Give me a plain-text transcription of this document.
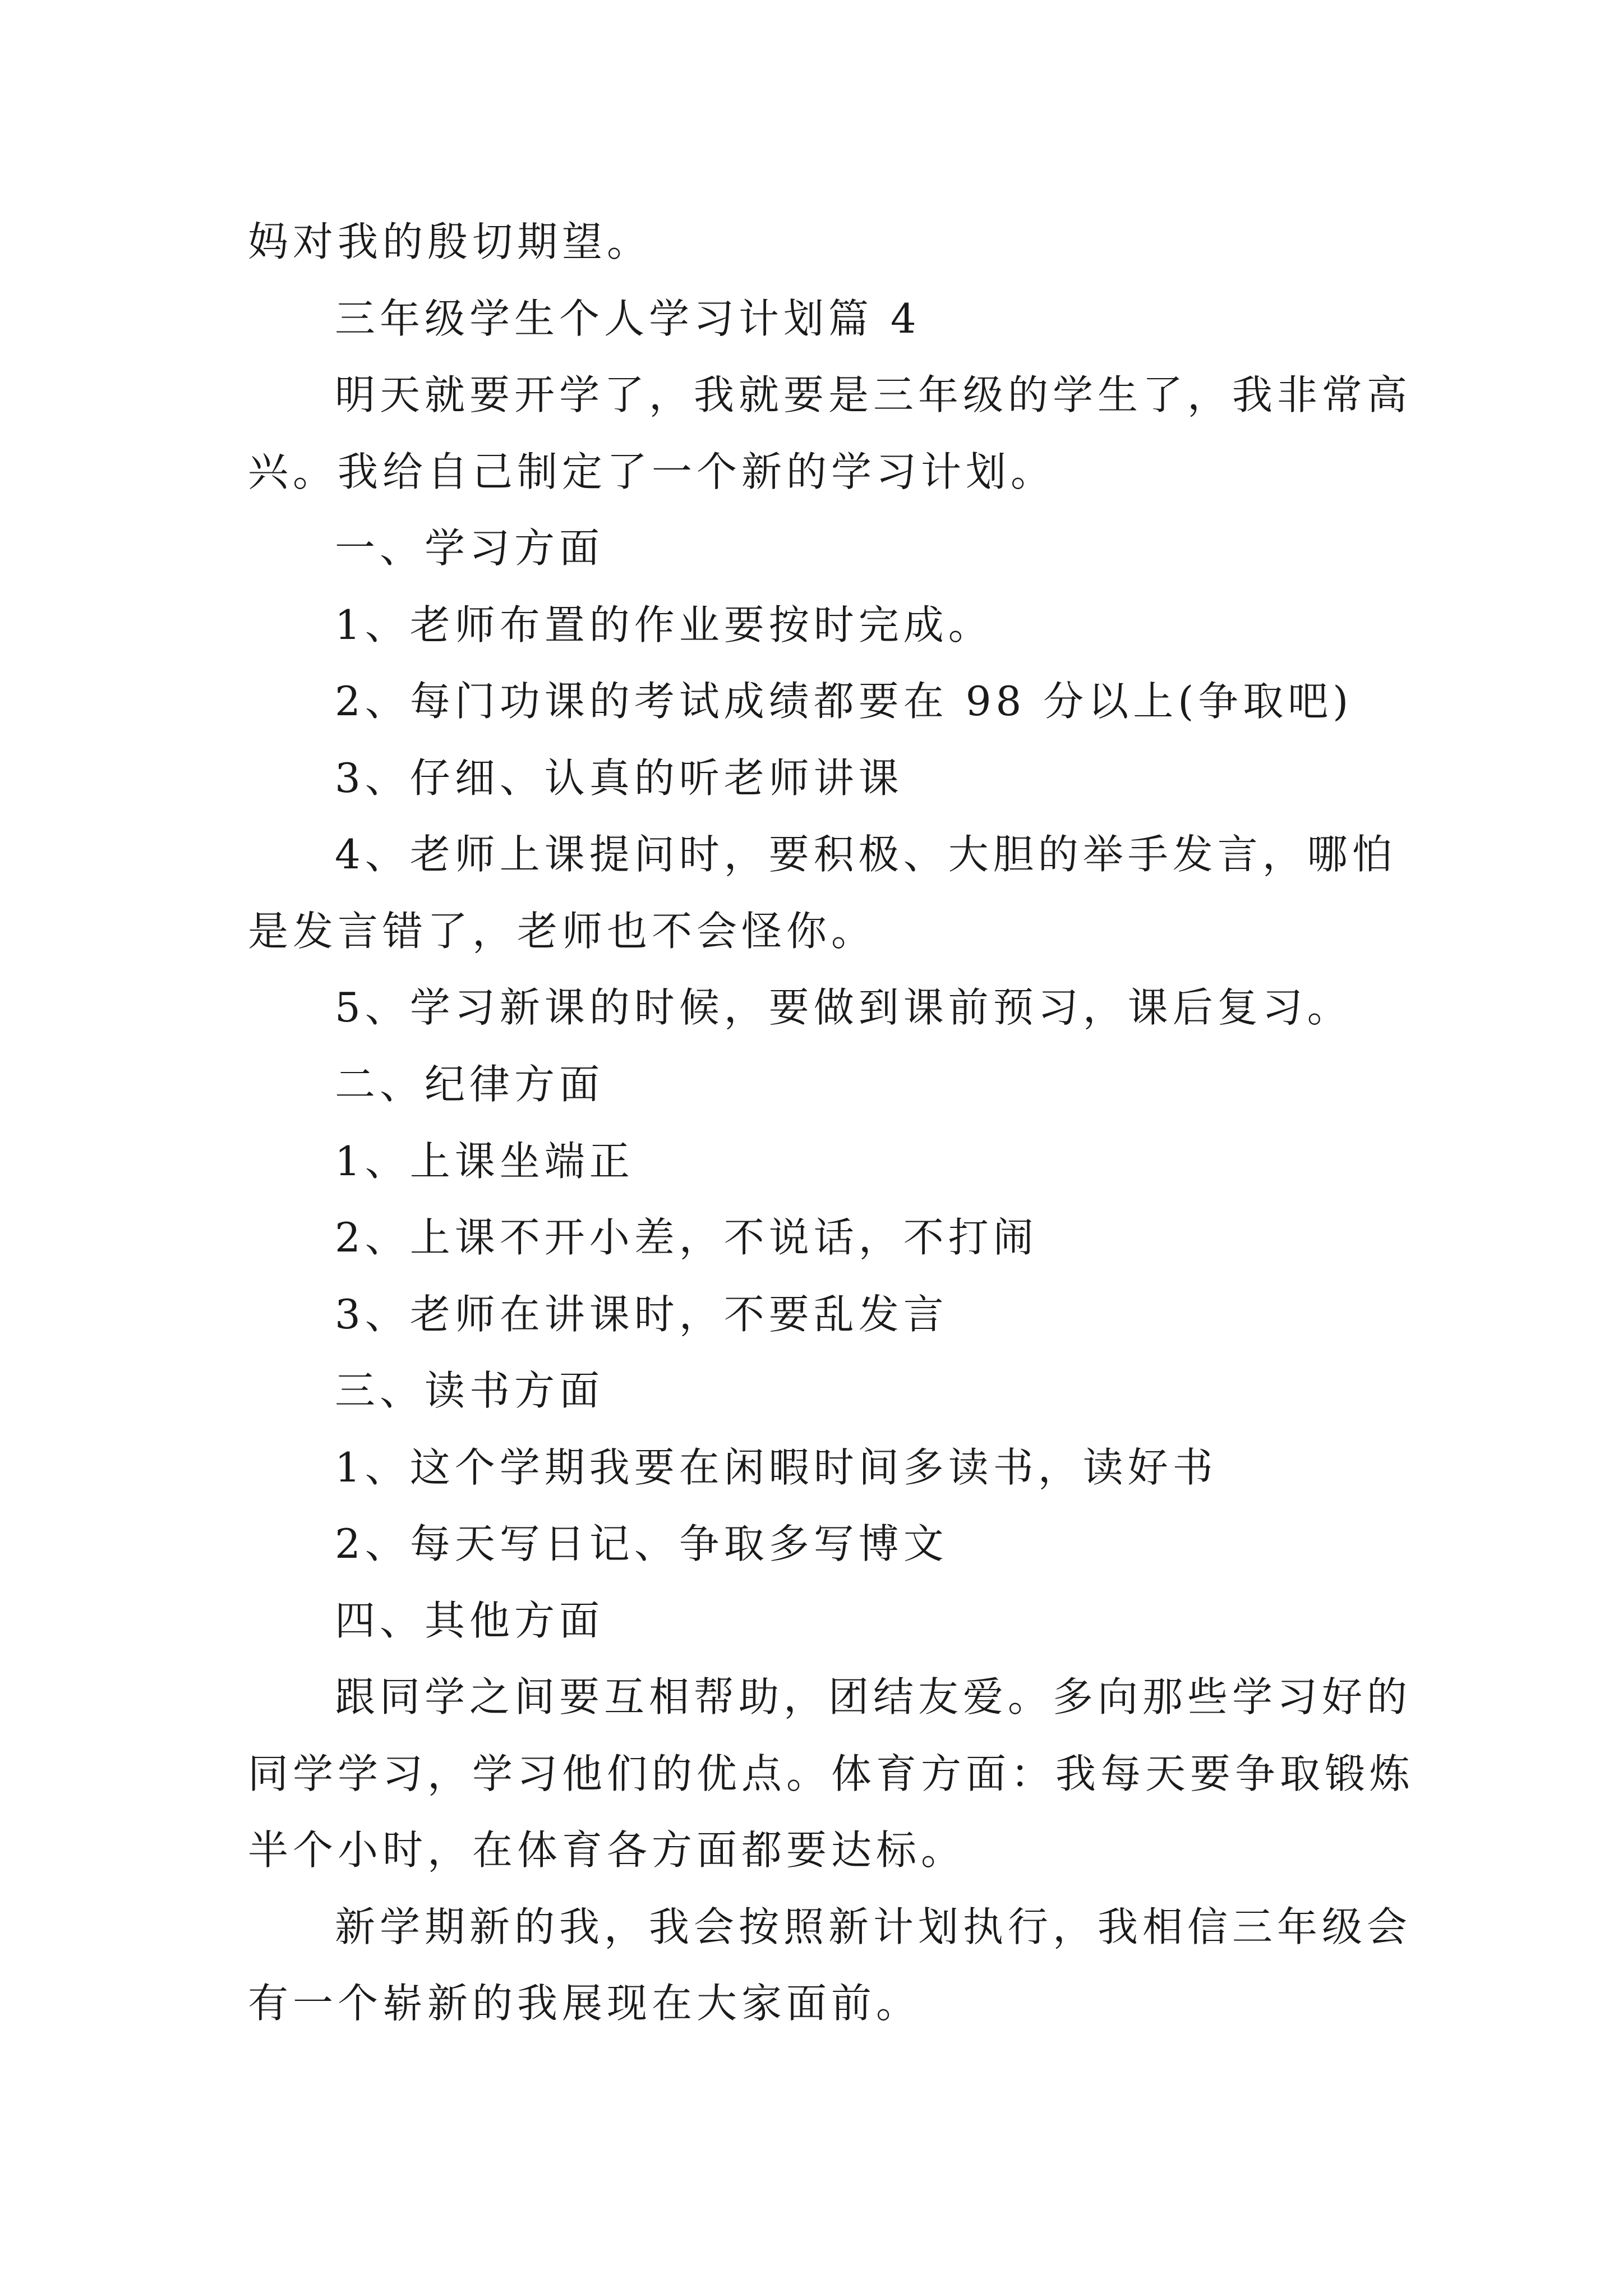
妈对我的殷切期望。
三年级学生个人学习计划篇 4
明天就要开学了，我就要是三年级的学生了，我非常高
兴。我给自己制定了一个新的学习计划。
一、学习方面
1、老师布置的作业要按时完成。
2、每门功课的考试成绩都要在 98 分以上(争取吧)
3、仔细、认真的听老师讲课
4、老师上课提问时，要积极、大胆的举手发言，哪怕
是发言错了，老师也不会怪你。
5、学习新课的时候，要做到课前预习，课后复习。
二、纪律方面
1、上课坐端正
2、上课不开小差，不说话，不打闹
3、老师在讲课时，不要乱发言
三、读书方面
1、这个学期我要在闲暇时间多读书，读好书
2、每天写日记、争取多写博文
四、其他方面
跟同学之间要互相帮助，团结友爱。多向那些学习好的
同学学习，学习他们的优点。体育方面：我每天要争取锻炼
半个小时，在体育各方面都要达标。
新学期新的我，我会按照新计划执行，我相信三年级会
有一个崭新的我展现在大家面前。
